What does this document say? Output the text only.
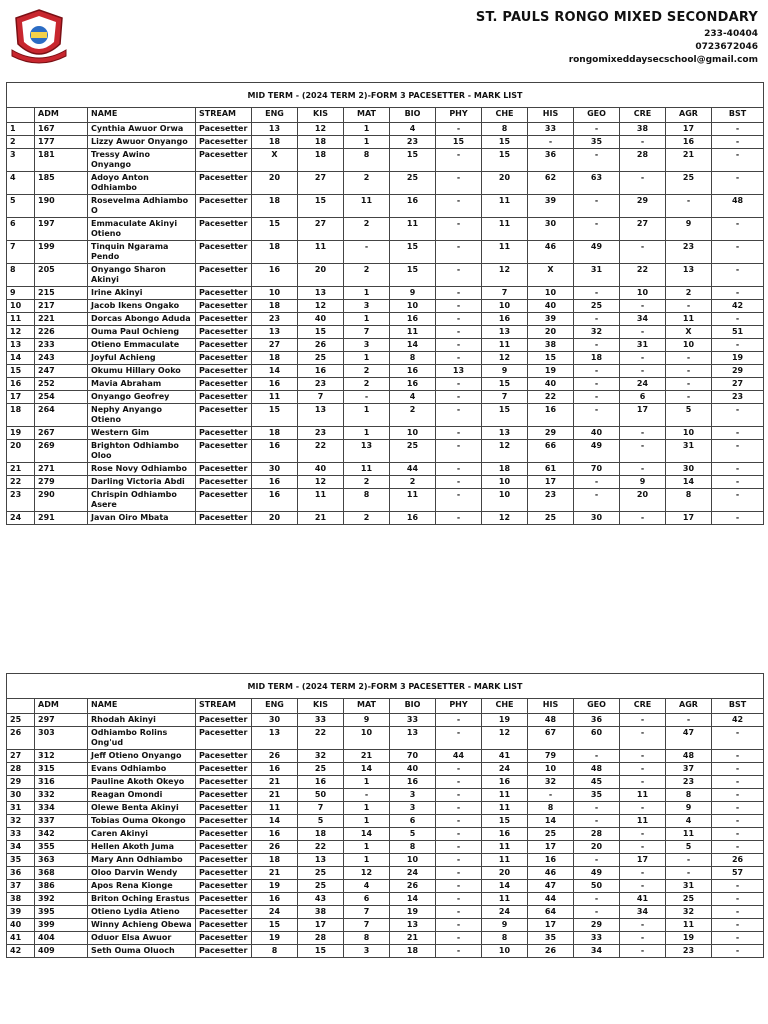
ST. PAULS RONGO MIXED SECONDARY
233-40404
0723672046
rongomixeddaysecschool@gmail.com
MID TERM - (2024 TERM 2)-FORM 3 PACESETTER - MARK LIST														
	ADM	NAME	STREAM	ENG	KIS	MAT	BIO	PHY	CHE	HIS	GEO	CRE	AGR	BST
1	167	Cynthia Awuor Orwa	Pacesetter	13	12	1	4	-	8	33	-	38	17	-
2	177	Lizzy Awuor Onyango	Pacesetter	18	18	1	23	15	15	-	35	-	16	-
3	181	Tressy Awino Onyango	Pacesetter	X	18	8	15	-	15	36	-	28	21	-
4	185	Adoyo Anton Odhiambo	Pacesetter	20	27	2	25	-	20	62	63	-	25	-
5	190	Rosevelma Adhiambo O	Pacesetter	18	15	11	16	-	11	39	-	29	-	48
6	197	Emmaculate Akinyi Otieno	Pacesetter	15	27	2	11	-	11	30	-	27	9	-
7	199	Tinquin Ngarama Pendo	Pacesetter	18	11	-	15	-	11	46	49	-	23	-
8	205	Onyango Sharon Akinyi	Pacesetter	16	20	2	15	-	12	X	31	22	13	-
9	215	Irine Akinyi	Pacesetter	10	13	1	9	-	7	10	-	10	2	-
10	217	Jacob Ikens Ongako	Pacesetter	18	12	3	10	-	10	40	25	-	-	42
11	221	Dorcas Abongo Aduda	Pacesetter	23	40	1	16	-	16	39	-	34	11	-
12	226	Ouma Paul Ochieng	Pacesetter	13	15	7	11	-	13	20	32	-	X	51
13	233	Otieno Emmaculate	Pacesetter	27	26	3	14	-	11	38	-	31	10	-
14	243	Joyful Achieng	Pacesetter	18	25	1	8	-	12	15	18	-	-	19
15	247	Okumu Hillary Ooko	Pacesetter	14	16	2	16	13	9	19	-	-	-	29
16	252	Mavia Abraham	Pacesetter	16	23	2	16	-	15	40	-	24	-	27
17	254	Onyango Geofrey	Pacesetter	11	7	-	4	-	7	22	-	6	-	23
18	264	Nephy Anyango Otieno	Pacesetter	15	13	1	2	-	15	16	-	17	5	-
19	267	Western Gim	Pacesetter	18	23	1	10	-	13	29	40	-	10	-
20	269	Brighton Odhiambo Oloo	Pacesetter	16	22	13	25	-	12	66	49	-	31	-
21	271	Rose Novy Odhiambo	Pacesetter	30	40	11	44	-	18	61	70	-	30	-
22	279	Darling Victoria Abdi	Pacesetter	16	12	2	2	-	10	17	-	9	14	-
23	290	Chrispin Odhiambo Asere	Pacesetter	16	11	8	11	-	10	23	-	20	8	-
24	291	Javan Oiro Mbata	Pacesetter	20	21	2	16	-	12	25	30	-	17	-
MID TERM - (2024 TERM 2)-FORM 3 PACESETTER - MARK LIST														
	ADM	NAME	STREAM	ENG	KIS	MAT	BIO	PHY	CHE	HIS	GEO	CRE	AGR	BST
25	297	Rhodah Akinyi	Pacesetter	30	33	9	33	-	19	48	36	-	-	42
26	303	Odhiambo Rolins Ong'ud	Pacesetter	13	22	10	13	-	12	67	60	-	47	-
27	312	Jeff Otieno Onyango	Pacesetter	26	32	21	70	44	41	79	-	-	48	-
28	315	Evans Odhiambo	Pacesetter	16	25	14	40	-	24	10	48	-	37	-
29	316	Pauline Akoth Okeyo	Pacesetter	21	16	1	16	-	16	32	45	-	23	-
30	332	Reagan Omondi	Pacesetter	21	50	-	3	-	11	-	35	11	8	-
31	334	Olewe Benta Akinyi	Pacesetter	11	7	1	3	-	11	8	-	-	9	-
32	337	Tobias Ouma Okongo	Pacesetter	14	5	1	6	-	15	14	-	11	4	-
33	342	Caren Akinyi	Pacesetter	16	18	14	5	-	16	25	28	-	11	-
34	355	Hellen Akoth Juma	Pacesetter	26	22	1	8	-	11	17	20	-	5	-
35	363	Mary Ann Odhiambo	Pacesetter	18	13	1	10	-	11	16	-	17	-	26
36	368	Oloo Darvin Wendy	Pacesetter	21	25	12	24	-	20	46	49	-	-	57
37	386	Apos Rena Kionge	Pacesetter	19	25	4	26	-	14	47	50	-	31	-
38	392	Briton Oching Erastus	Pacesetter	16	43	6	14	-	11	44	-	41	25	-
39	395	Otieno Lydia Atieno	Pacesetter	24	38	7	19	-	24	64	-	34	32	-
40	399	Winny Achieng Obewa	Pacesetter	15	17	7	13	-	9	17	29	-	11	-
41	404	Oduor Elsa Awuor	Pacesetter	19	28	8	21	-	8	35	33	-	19	-
42	409	Seth Ouma Oluoch	Pacesetter	8	15	3	18	-	10	26	34	-	23	-
